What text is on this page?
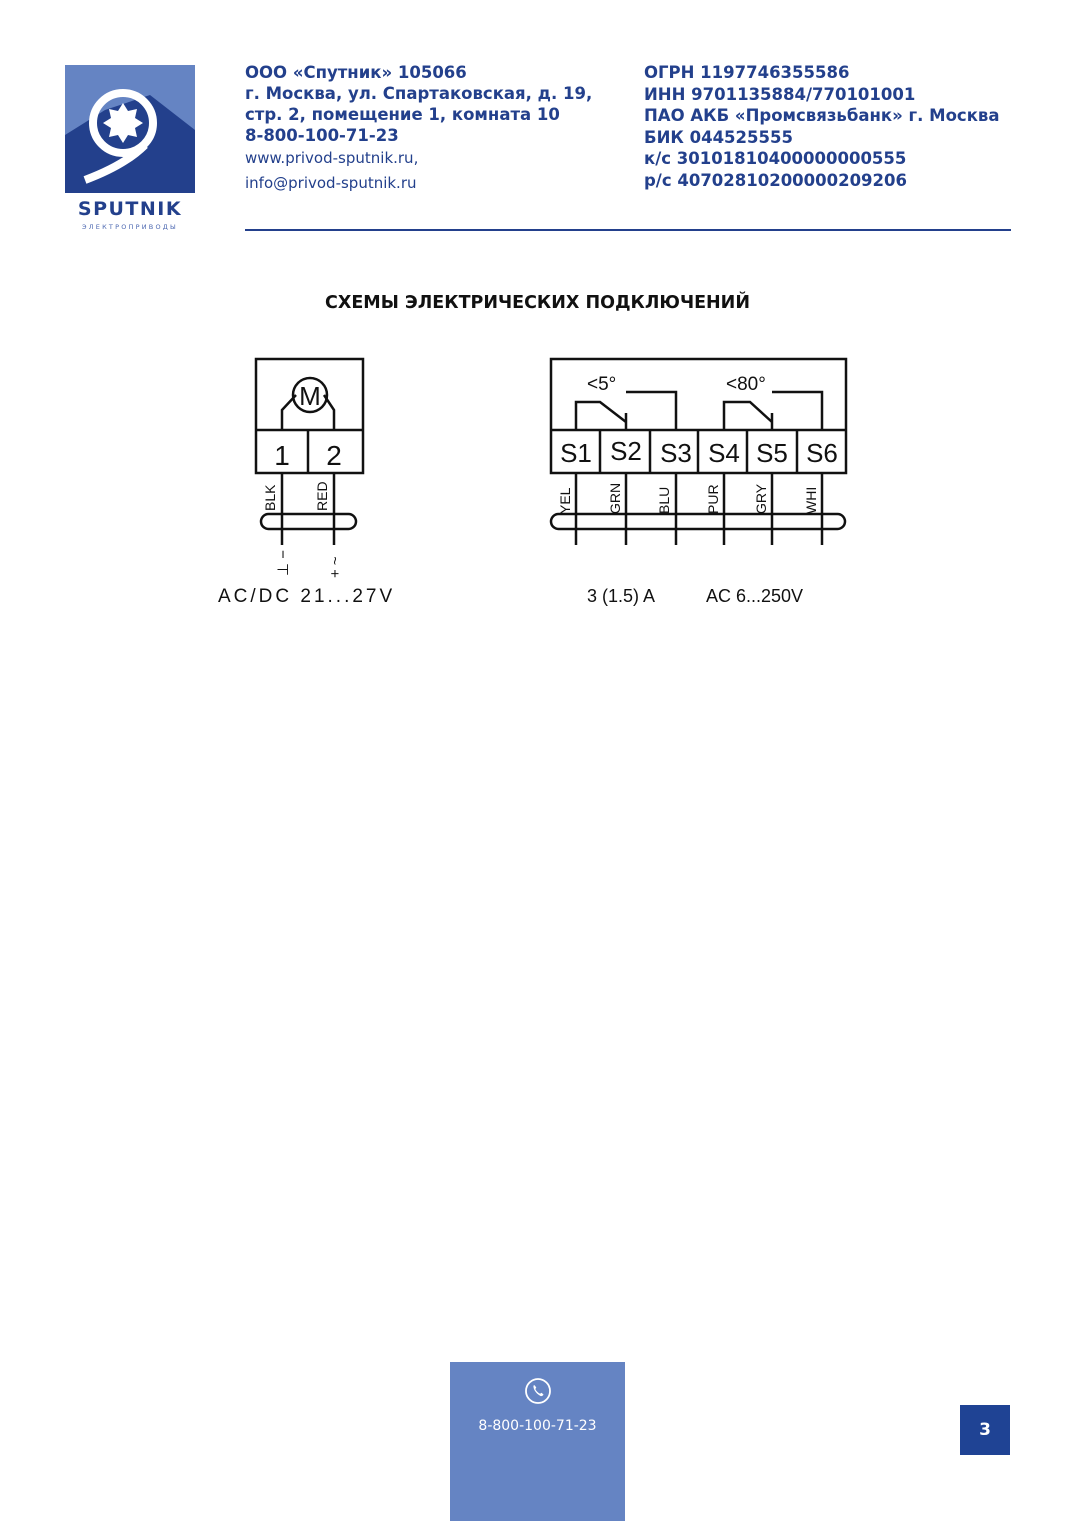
SPUTNIK
ЭЛЕКТРОПРИВОДЫ
ООО «Спутник» 105066
г. Москва, ул. Спартаковская, д. 19,
стр. 2, помещение 1, комната 10
8-800-100-71-23
www.privod-sputnik.ru,
info@privod-sputnik.ru
ОГРН 1197746355586
ИНН 9701135884/770101001
ПАО АКБ «Промсвязьбанк» г. Москва
БИК 044525555
к/с 30101810400000000555
р/с 40702810200000209206
СХЕМЫ ЭЛЕКТРИЧЕСКИХ ПОДКЛЮЧЕНИЙ
M
1 2
BLK	RED
⊥ − + ~
AC/DC 21...27V
<5°	<80°
S1 S2 S3 S4 S5 S6
YEL GRN BLU PUR GRY WHI
3 (1.5) A	AC 6...250V
8-800-100-71-23	3
